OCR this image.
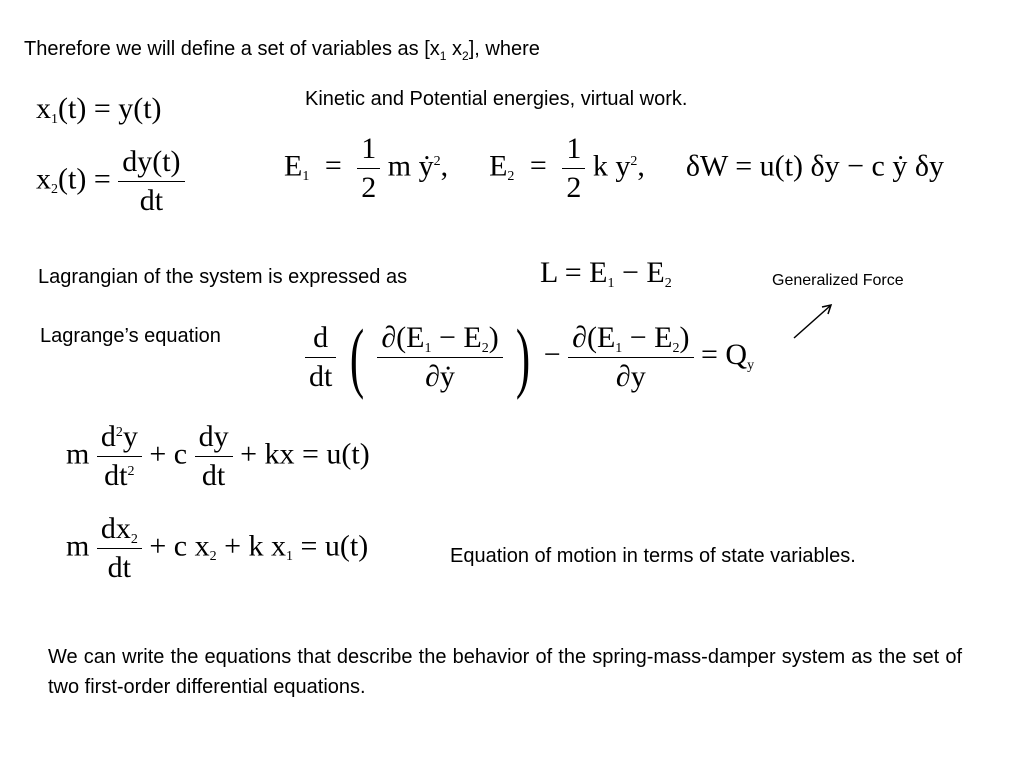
Therefore we will define a set of variables as [$x_1$ $x_2$], where
Kinetic and Potential energies, virtual work.
x1(t) = y(t)
$x2(t) = \frac{dy(t)}{dt}$	$E1 = \frac{1}{2}$ m ẏ$^2$, $E2 = \frac{1}{2}$ k $y^2$, δW = u(t) δy − c ẏ δy
Lagrangian of the system is expressed as	L = E1 − E2	Generalized Force
Lagrange’s equation	$\frac{d}{dt}$ ( $\frac{\partial(E1 - E2)}{\text{∂ẏ}}$ ) − $\frac{\partial(E1 - E2)}{\partial y} = Qy$
m $\frac{d^2y}{dt^2} + c \frac{dy}{dt}$ + kx = u(t)
m $\frac{dx2}{dt} + c$ x2 + k x1 = u(t)	Equation of motion in terms of state variables.
We can write the equations that describe the behavior of the spring-mass-damper system as the set of two first-order differential equations.
